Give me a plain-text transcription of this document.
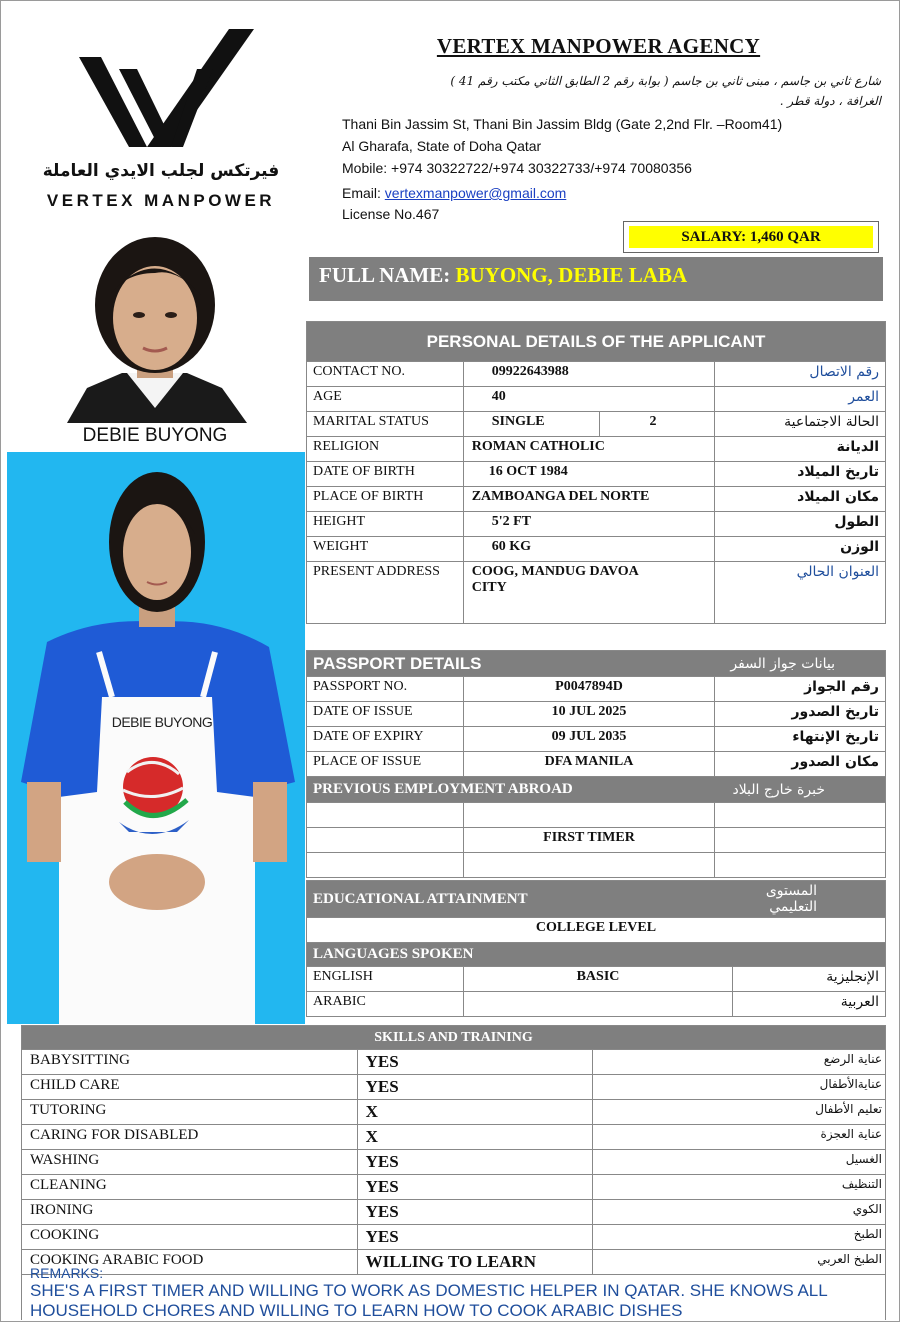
فيرتكس لجلب الايدي العاملة
VERTEX MANPOWER
VERTEX MANPOWER AGENCY
شارع ثاني بن جاسم ، مبنى ثاني بن جاسم ( بوابة رقم 2 الطابق الثاني مكتب رقم 41 )
الغرافة ، دولة قطر .
Thani Bin Jassim St, Thani Bin Jassim Bldg (Gate 2,2nd Flr. –Room41)
Al Gharafa, State of Doha Qatar
Mobile: +974 30322722/+974 30322733/+974 70080356
Email: vertexmanpower@gmail.com
License No.467
SALARY: 1,460 QAR
FULL NAME: BUYONG, DEBIE LABA
DEBIE BUYONG
DEBIE BUYONG
PERSONAL DETAILS OF THE APPLICANT			
CONTACT NO.	09922643988		رقم الاتصال
AGE	40		العمر
MARITAL STATUS	SINGLE	2	الحالة الاجتماعية
RELIGION	ROMAN CATHOLIC		الديانة
DATE OF BIRTH	16 OCT 1984		تاريخ الميلاد
PLACE OF BIRTH	ZAMBOANGA DEL NORTE		مكان الميلاد
HEIGHT	5'2 FT		الطول
WEIGHT	60 KG		الوزن
PRESENT ADDRESS	COOG, MANDUG DAVOA CITY		العنوان الحالي
PASSPORT DETAILS		بيانات جواز السفر
PASSPORT NO.	P0047894D	رقم الجواز
DATE OF ISSUE	10 JUL 2025	تاريخ الصدور
DATE OF EXPIRY	09 JUL 2035	تاريخ الإنتهاء
PLACE OF ISSUE	DFA MANILA	مكان الصدور
PREVIOUS EMPLOYMENT ABROAD		خبرة خارج البلاد

	FIRST TIMER	

EDUCATIONAL ATTAINMENT	المستوى التعليمي
COLLEGE LEVEL
LANGUAGES SPOKEN		
ENGLISH	BASIC	الإنجليزية
ARABIC		العربية
SKILLS AND TRAINING		
BABYSITTING	YES	عناية الرضع
CHILD CARE	YES	عنايةالأطفال
TUTORING	X	تعليم الأطفال
CARING FOR DISABLED	X	عناية العجزة
WASHING	YES	الغسيل
CLEANING	YES	التنظيف
IRONING	YES	الكوي
COOKING	YES	الطبخ
COOKING ARABIC FOOD	WILLING TO LEARN	الطبخ العربي
REMARKS:
SHE'S A FIRST TIMER AND WILLING TO WORK AS DOMESTIC HELPER IN QATAR. SHE KNOWS ALL HOUSEHOLD CHORES AND WILLING TO LEARN HOW TO COOK ARABIC DISHES
